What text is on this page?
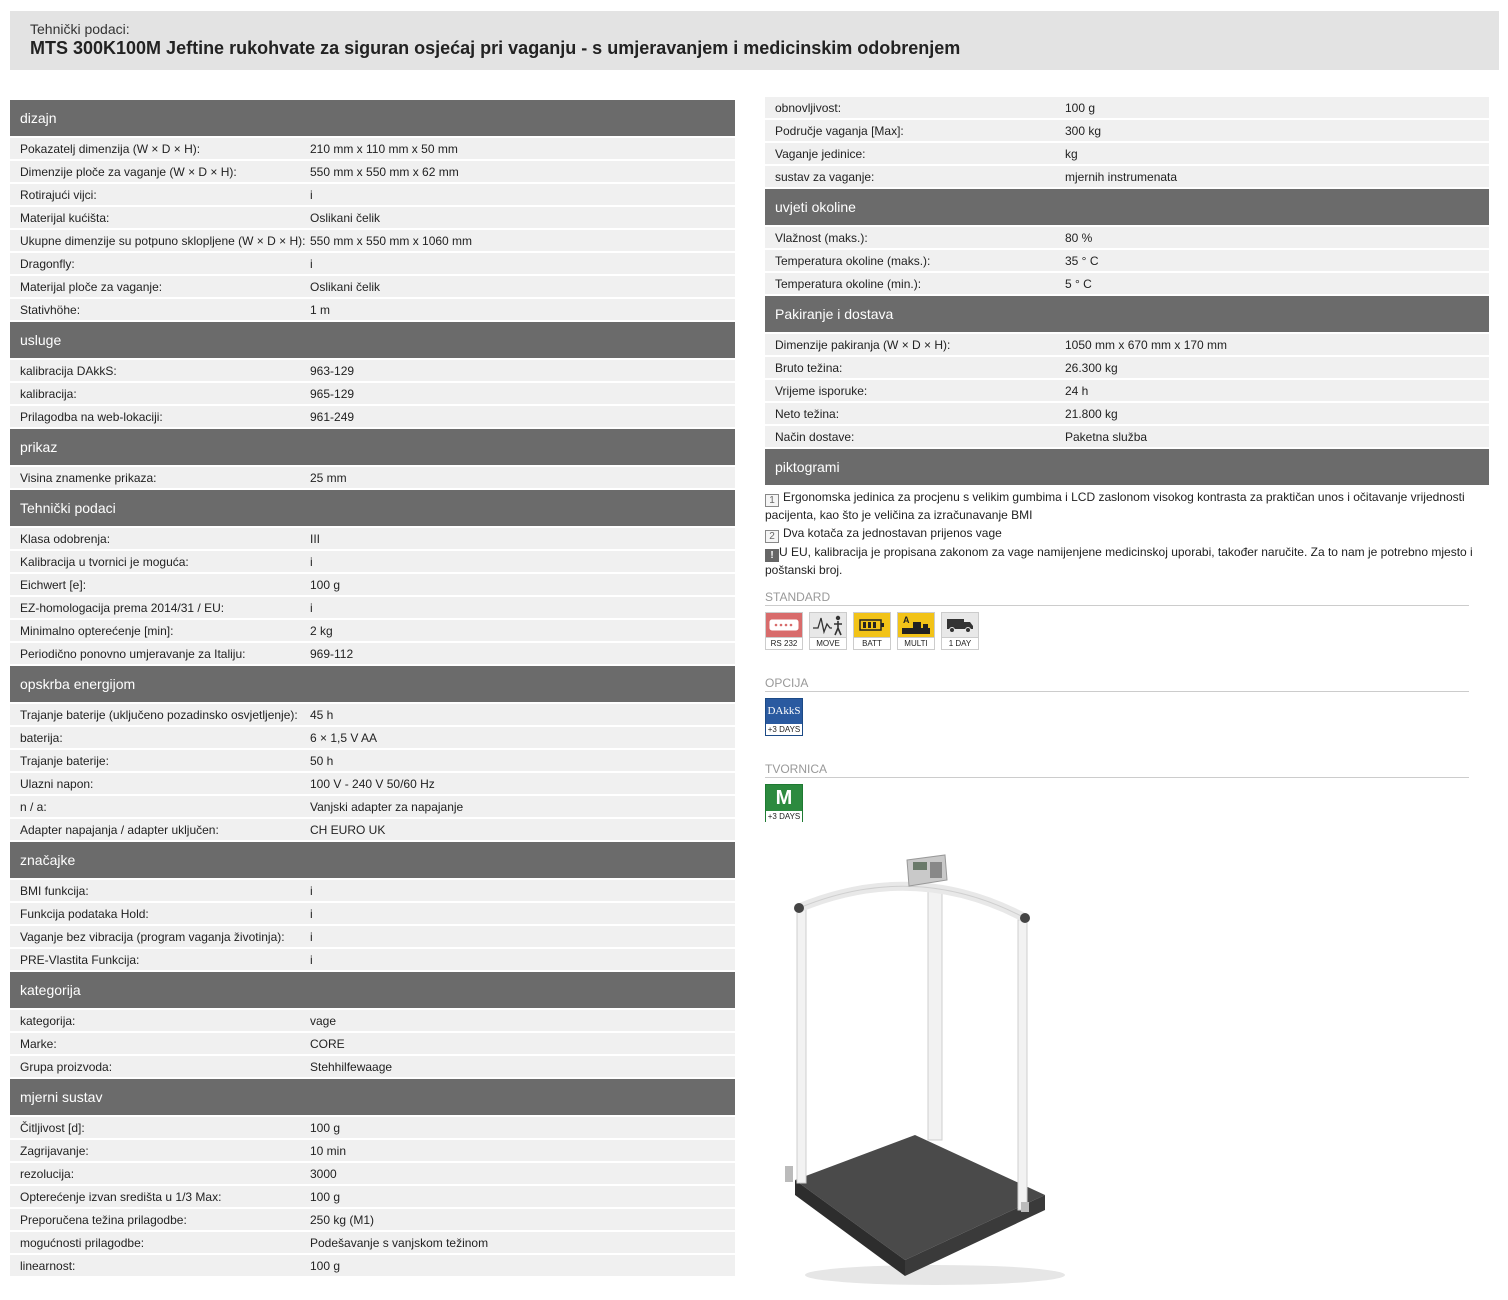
Tehnički podaci:
MTS 300K100M Jeftine rukohvate za siguran osjećaj pri vaganju - s umjeravanjem i medicinskim odobrenjem
dizajn
Pokazatelj dimenzija (W × D × H):	210 mm x 110 mm x 50 mm
Dimenzije ploče za vaganje (W × D × H):	550 mm x 550 mm x 62 mm
Rotirajući vijci:	i
Materijal kućišta:	Oslikani čelik
Ukupne dimenzije su potpuno sklopljene (W × D × H): 550 mm x 550 mm x 1060 mm
Dragonfly:	i
Materijal ploče za vaganje:	Oslikani čelik
Stativhöhe:	1 m
usluge
kalibracija DAkkS:	963-129
kalibracija:	965-129
Prilagodba na web-lokaciji:	961-249
prikaz
Visina znamenke prikaza:	25 mm
Tehnički podaci
Klasa odobrenja:	III
Kalibracija u tvornici je moguća:	i
Eichwert [e]:	100 g
EZ-homologacija prema 2014/31 / EU:	i
Minimalno opterećenje [min]:	2 kg
Periodično ponovno umjeravanje za Italiju:	969-112
opskrba energijom
Trajanje baterije (uključeno pozadinsko osvjetljenje):	45 h
baterija:	6 × 1,5 V AA
Trajanje baterije:	50 h
Ulazni napon:	100 V - 240 V 50/60 Hz
n / a:	Vanjski adapter za napajanje
Adapter napajanja / adapter uključen:	CH EURO UK
značajke
BMI funkcija:	i
Funkcija podataka Hold:	i
Vaganje bez vibracija (program vaganja životinja):	i
PRE-Vlastita Funkcija:	i
kategorija
kategorija:	vage
Marke:	CORE
Grupa proizvoda:	Stehhilfewaage
mjerni sustav
Čitljivost [d]:	100 g
Zagrijavanje:	10 min
rezolucija:	3000
Opterećenje izvan središta u 1/3 Max:	100 g
Preporučena težina prilagodbe:	250 kg (M1)
mogućnosti prilagodbe:	Podešavanje s vanjskom težinom
linearnost:	100 g
obnovljivost:	100 g
Područje vaganja [Max]:	300 kg
Vaganje jedinice:	kg
sustav za vaganje:	mjernih instrumenata
uvjeti okoline
Vlažnost (maks.):	80 %
Temperatura okoline (maks.):	35 ° C
Temperatura okoline (min.):	5 ° C
Pakiranje i dostava
Dimenzije pakiranja (W × D × H):	1050 mm x 670 mm x 170 mm
Bruto težina:	26.300 kg
Vrijeme isporuke:	24 h
Neto težina:	21.800 kg
Način dostave:	Paketna služba
piktogrami
1 Ergonomska jedinica za procjenu s velikim gumbima i LCD zaslonom visokog kontrasta za praktičan unos i očitavanje vrijednosti pacijenta, kao što je veličina za izračunavanje BMI
2 Dva kotača za jednostavan prijenos vage
! U EU, kalibracija je propisana zakonom za vage namijenjene medicinskoj uporabi, također naručite. Za to nam je potrebno mjesto i poštanski broj.
STANDARD
RS 232	MOVE	BATT
A
MULTI	1 DAY
OPCIJA
DAkkS
+3 DAYS
TVORNICA
M
+3 DAYS
